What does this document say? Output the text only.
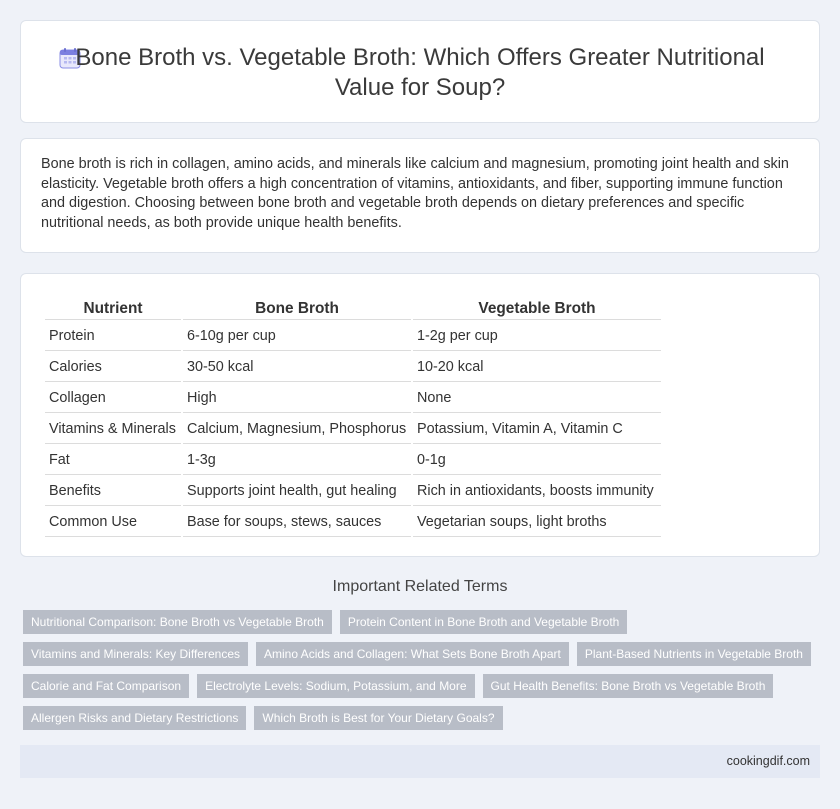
Bone Broth vs. Vegetable Broth: Which Offers Greater Nutritional Value for Soup?

Bone broth is rich in collagen, amino acids, and minerals like calcium and magnesium, promoting joint health and skin elasticity. Vegetable broth offers a high concentration of vitamins, antioxidants, and fiber, supporting immune function and digestion. Choosing between bone broth and vegetable broth depends on dietary preferences and specific nutritional needs, as both provide unique health benefits.

Nutrient	Bone Broth	Vegetable Broth
Protein	6-10g per cup	1-2g per cup
Calories	30-50 kcal	10-20 kcal
Collagen	High	None
Vitamins & Minerals	Calcium, Magnesium, Phosphorus	Potassium, Vitamin A, Vitamin C
Fat	1-3g	0-1g
Benefits	Supports joint health, gut healing	Rich in antioxidants, boosts immunity
Common Use	Base for soups, stews, sauces	Vegetarian soups, light broths
Important Related Terms
Nutritional Comparison: Bone Broth vs Vegetable Broth	Protein Content in Bone Broth and Vegetable Broth
Vitamins and Minerals: Key Differences	Amino Acids and Collagen: What Sets Bone Broth Apart	Plant-Based Nutrients in Vegetable Broth
Calorie and Fat Comparison	Electrolyte Levels: Sodium, Potassium, and More	Gut Health Benefits: Bone Broth vs Vegetable Broth
Allergen Risks and Dietary Restrictions	Which Broth is Best for Your Dietary Goals?
cookingdif.com
